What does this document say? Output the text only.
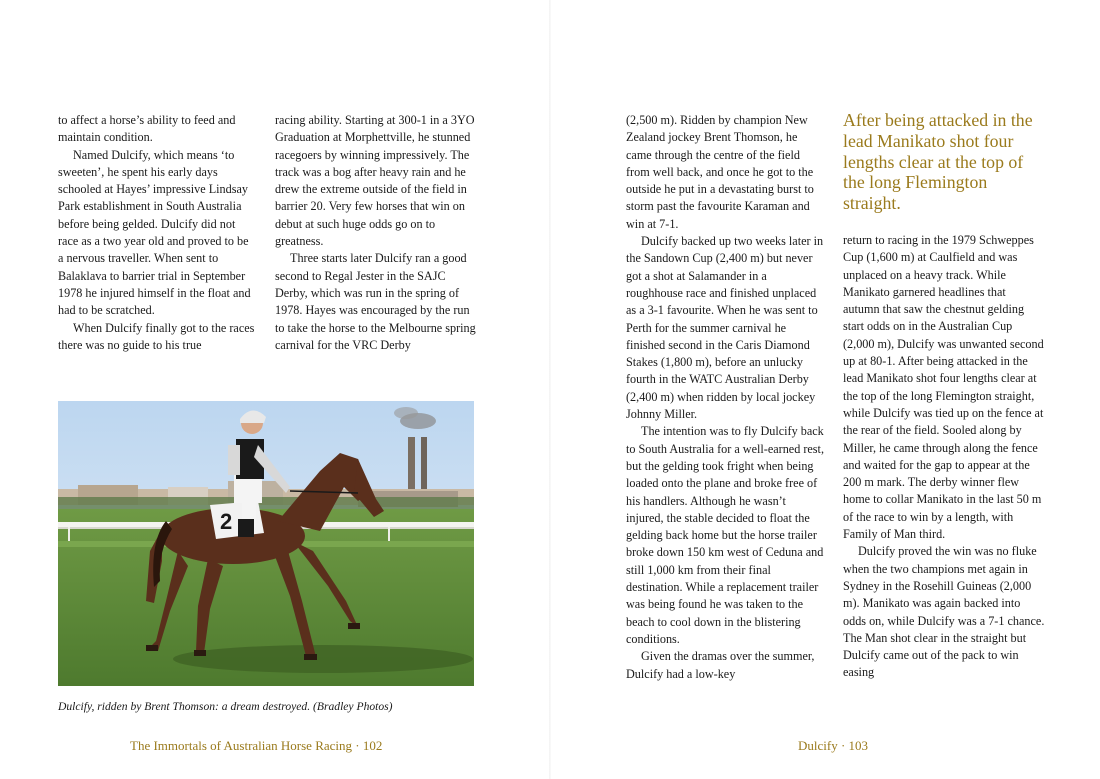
to affect a horse’s ability to feed and maintain condition.

Named Dulcify, which means ‘to sweeten’, he spent his early days schooled at Hayes’ impressive Lindsay Park establishment in South Australia before being gelded. Dulcify did not race as a two year old and proved to be a nervous traveller. When sent to Balaklava to barrier trial in September 1978 he injured himself in the float and had to be scratched.

When Dulcify finally got to the races there was no guide to his true

racing ability. Starting at 300-1 in a 3YO Graduation at Morphettville, he stunned racegoers by winning impressively. The track was a bog after heavy rain and he drew the extreme outside of the field in barrier 20. Very few horses that win on debut at such huge odds go on to greatness.

Three starts later Dulcify ran a good second to Regal Jester in the SAJC Derby, which was run in the spring of 1978. Hayes was encouraged by the run to take the horse to the Melbourne spring carnival for the VRC Derby

2
Dulcify, ridden by Brent Thomson: a dream destroyed. (Bradley Photos)
The Immortals of Australian Horse Racing · 102

(2,500 m). Ridden by champion New Zealand jockey Brent Thomson, he came through the centre of the field from well back, and once he got to the outside he put in a devastating burst to storm past the favourite Karaman and win at 7-1.

Dulcify backed up two weeks later in the Sandown Cup (2,400 m) but never got a shot at Salamander in a roughhouse race and finished unplaced as a 3-1 favourite. When he was sent to Perth for the summer carnival he finished second in the Caris Diamond Stakes (1,800 m), before an unlucky fourth in the WATC Australian Derby (2,400 m) when ridden by local jockey Johnny Miller.

The intention was to fly Dulcify back to South Australia for a well-earned rest, but the gelding took fright when being loaded onto the plane and broke free of his handlers. Although he wasn’t injured, the stable decided to float the gelding back home but the horse trailer broke down 150 km west of Ceduna and still 1,000 km from their final destination. While a replacement trailer was being found he was taken to the beach to cool down in the blistering conditions.

Given the dramas over the summer, Dulcify had a low-key

After being attacked in the lead Manikato shot four lengths clear at the top of the long Flemington straight.

return to racing in the 1979 Schweppes Cup (1,600 m) at Caulfield and was unplaced on a heavy track. While Manikato garnered headlines that autumn that saw the chestnut gelding start odds on in the Australian Cup (2,000 m), Dulcify was unwanted second up at 80-1. After being attacked in the lead Manikato shot four lengths clear at the top of the long Flemington straight, while Dulcify was tied up on the fence at the rear of the field. Sooled along by Miller, he came through along the fence and waited for the gap to appear at the 200 m mark. The derby winner flew home to collar Manikato in the last 50 m of the race to win by a length, with Family of Man third.

Dulcify proved the win was no fluke when the two champions met again in Sydney in the Rosehill Guineas (2,000 m). Manikato was again backed into odds on, while Dulcify was a 7-1 chance. The Man shot clear in the straight but Dulcify came out of the pack to win easing

Dulcify · 103
